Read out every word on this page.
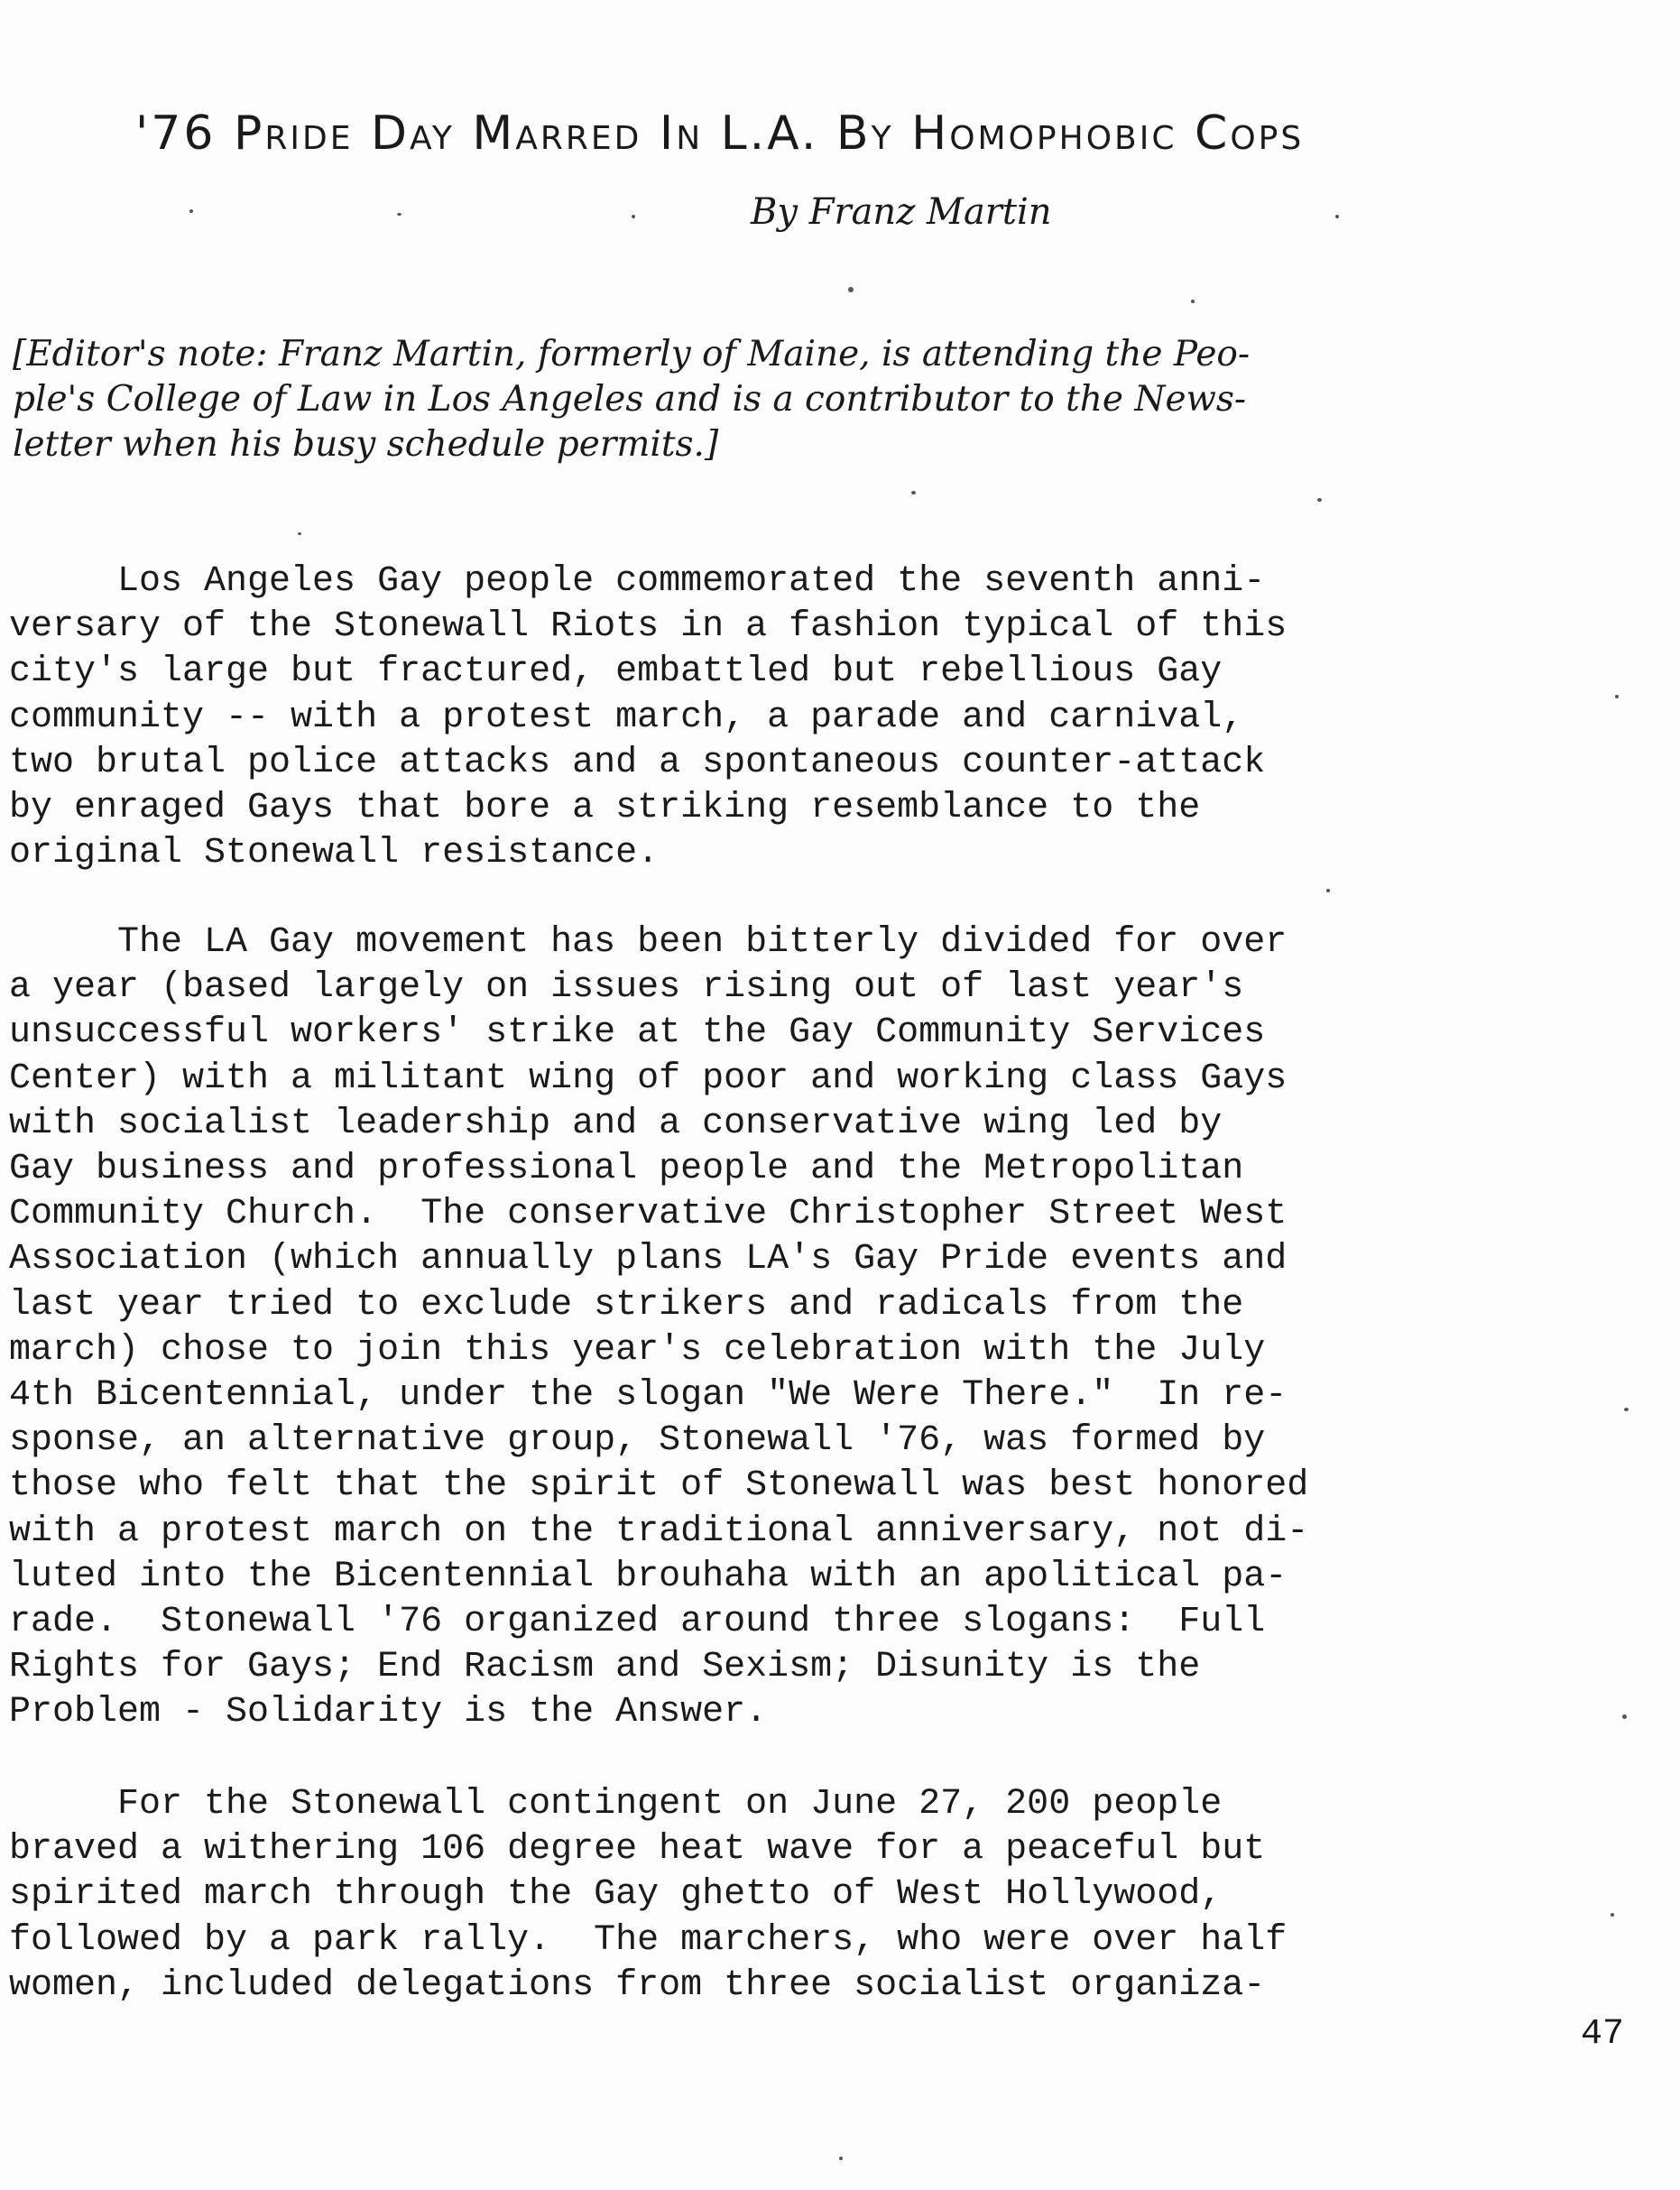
'76 Pride Day Marred In L.A. By Homophobic Cops
By Franz Martin
[Editor's note: Franz Martin, formerly of Maine, is attending the Peo-
ple's College of Law in Los Angeles and is a contributor to the News-
letter when his busy schedule permits.]
Los Angeles Gay people commemorated the seventh anni-
versary of the Stonewall Riots in a fashion typical of this
city's large but fractured, embattled but rebellious Gay
community -- with a protest march, a parade and carnival,
two brutal police attacks and a spontaneous counter-attack
by enraged Gays that bore a striking resemblance to the
original Stonewall resistance.
The LA Gay movement has been bitterly divided for over
a year (based largely on issues rising out of last year's
unsuccessful workers' strike at the Gay Community Services
Center) with a militant wing of poor and working class Gays
with socialist leadership and a conservative wing led by
Gay business and professional people and the Metropolitan
Community Church.  The conservative Christopher Street West
Association (which annually plans LA's Gay Pride events and
last year tried to exclude strikers and radicals from the
march) chose to join this year's celebration with the July
4th Bicentennial, under the slogan "We Were There."  In re-
sponse, an alternative group, Stonewall '76, was formed by
those who felt that the spirit of Stonewall was best honored
with a protest march on the traditional anniversary, not di-
luted into the Bicentennial brouhaha with an apolitical pa-
rade.  Stonewall '76 organized around three slogans:  Full
Rights for Gays; End Racism and Sexism; Disunity is the
Problem - Solidarity is the Answer.
For the Stonewall contingent on June 27, 200 people
braved a withering 106 degree heat wave for a peaceful but
spirited march through the Gay ghetto of West Hollywood,
followed by a park rally.  The marchers, who were over half
women, included delegations from three socialist organiza-
47
